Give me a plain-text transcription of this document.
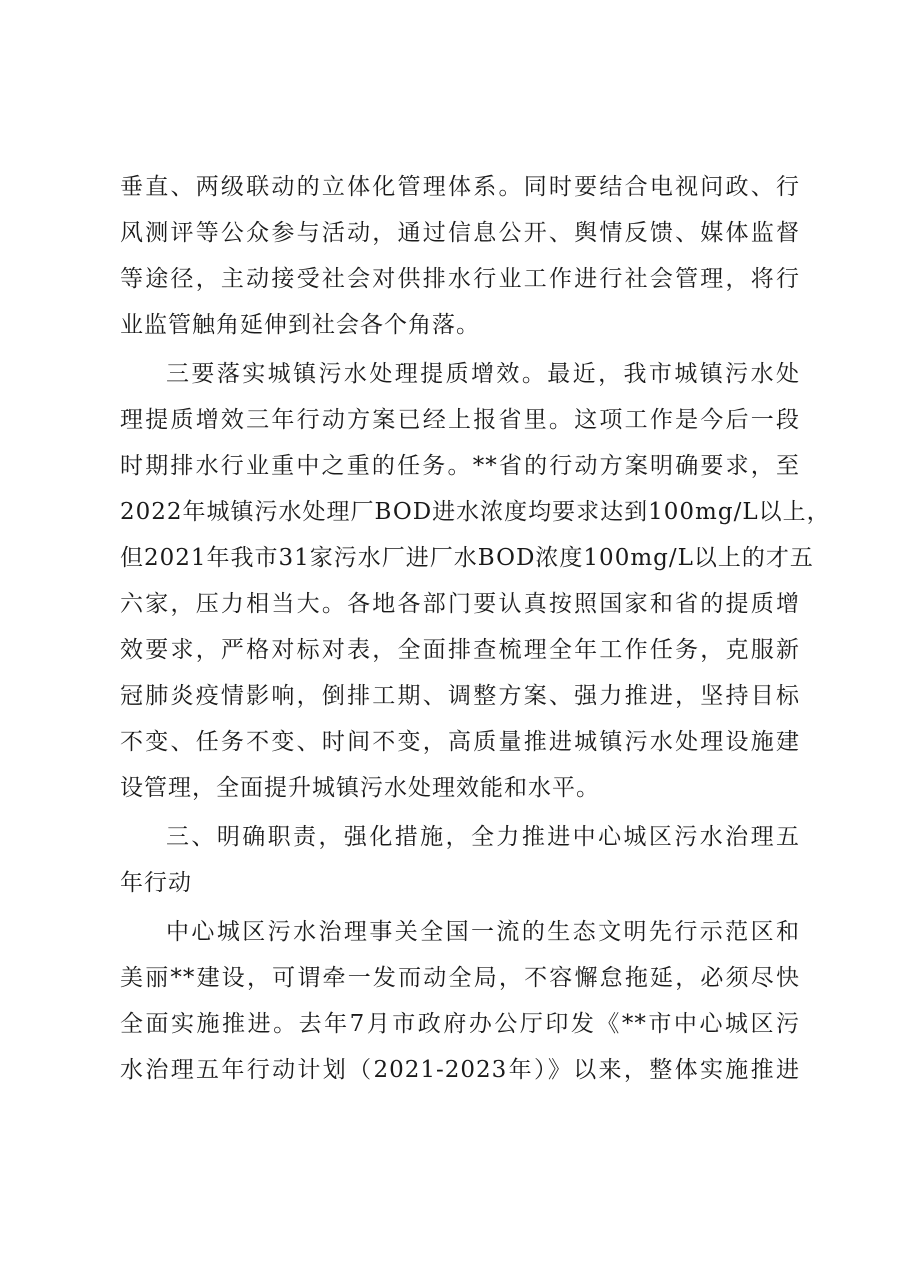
垂直、两级联动的立体化管理体系。同时要结合电视问政、行
风测评等公众参与活动，通过信息公开、舆情反馈、媒体监督
等途径，主动接受社会对供排水行业工作进行社会管理，将行
业监管触角延伸到社会各个角落。
三要落实城镇污水处理提质增效。最近，我市城镇污水处
理提质增效三年行动方案已经上报省里。这项工作是今后一段
时期排水行业重中之重的任务。**省的行动方案明确要求，至
2022年城镇污水处理厂BOD进水浓度均要求达到100mg/L以上，
但2021年我市31家污水厂进厂水BOD浓度100mg/L以上的才五
六家，压力相当大。各地各部门要认真按照国家和省的提质增
效要求，严格对标对表，全面排查梳理全年工作任务，克服新
冠肺炎疫情影响，倒排工期、调整方案、强力推进，坚持目标
不变、任务不变、时间不变，高质量推进城镇污水处理设施建
设管理，全面提升城镇污水处理效能和水平。
三、明确职责，强化措施，全力推进中心城区污水治理五
年行动
中心城区污水治理事关全国一流的生态文明先行示范区和
美丽**建设，可谓牵一发而动全局，不容懈怠拖延，必须尽快
全面实施推进。去年7月市政府办公厅印发《**市中心城区污
水治理五年行动计划（2021-2023年）》以来，整体实施推进
